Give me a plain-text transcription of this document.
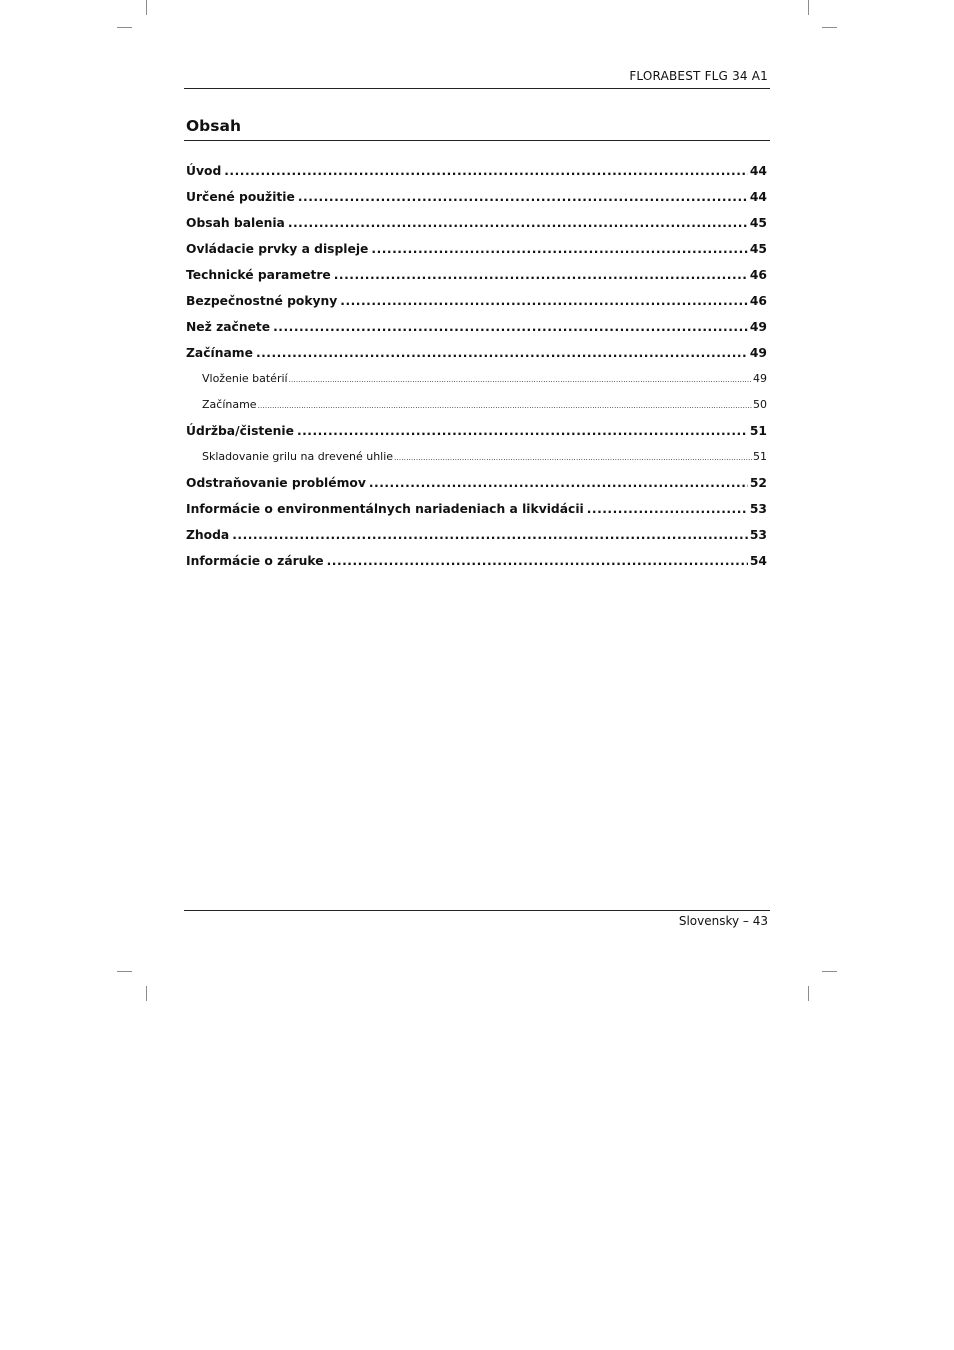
FLORABEST FLG 34 A1
Obsah
Úvod .....	44
Určené použitie .....	44
Obsah balenia .....	45
Ovládacie prvky a displeje .....	45
Technické parametre .....	46
Bezpečnostné pokyny .....	46
Než začnete .....	49
Začíname .....	49
Vloženie batérií .....	49
Začíname .....	50
Údržba/čistenie .....	51
Skladovanie grilu na drevené uhlie .....	51
Odstraňovanie problémov .....	52
Informácie o environmentálnych nariadeniach a likvidácii .....	53
Zhoda .....	53
Informácie o záruke .....	54
Slovensky – 43
